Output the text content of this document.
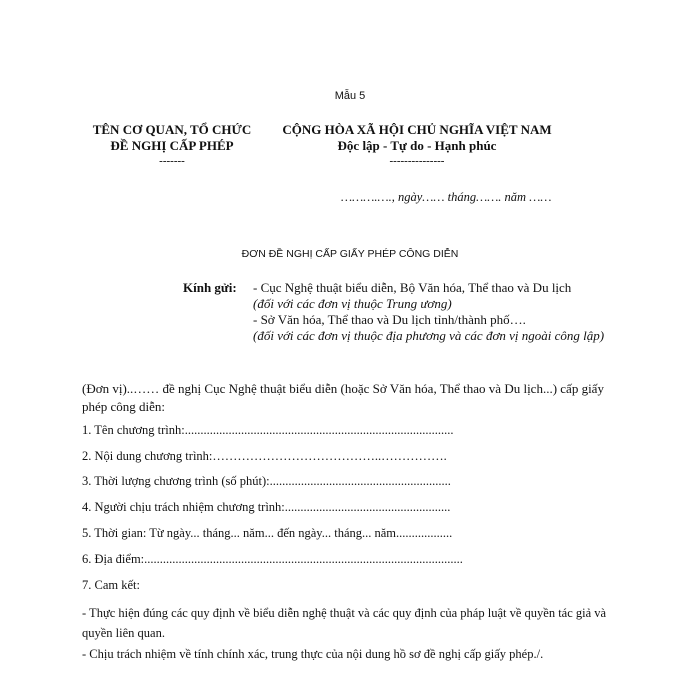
Mẫu 5
TÊN CƠ QUAN, TỔ CHỨC
ĐỀ NGHỊ CẤP PHÉP
-------
CỘNG HÒA XÃ HỘI CHỦ NGHĨA VIỆT NAM
Độc lập - Tự do - Hạnh phúc
---------------
……….…., ngày…… tháng……. năm ……
ĐƠN ĐỀ NGHỊ CẤP GIẤY PHÉP CÔNG DIỄN
Kính gửi: - Cục Nghệ thuật biểu diễn, Bộ Văn hóa, Thể thao và Du lịch
(đối với các đơn vị thuộc Trung ương)
- Sở Văn hóa, Thể thao và Du lịch tỉnh/thành phố….
(đối với các đơn vị thuộc địa phương và các đơn vị ngoài công lập)
(Đơn vị)..…… đề nghị Cục Nghệ thuật biểu diễn (hoặc Sở Văn hóa, Thể thao và Du lịch...) cấp giấy phép công diễn:
1. Tên chương trình:......................................................................................
2. Nội dung chương trình:…………………………………..…………….
3. Thời lượng chương trình (số phút):..........................................................
4. Người chịu trách nhiệm chương trình:.....................................................
5. Thời gian: Từ ngày... tháng... năm... đến ngày... tháng... năm..................
6. Địa điểm:......................................................................................................
7. Cam kết:
- Thực hiện đúng các quy định về biểu diễn nghệ thuật và các quy định của pháp luật về quyền tác giả và quyền liên quan.
- Chịu trách nhiệm về tính chính xác, trung thực của nội dung hồ sơ đề nghị cấp giấy phép./.
